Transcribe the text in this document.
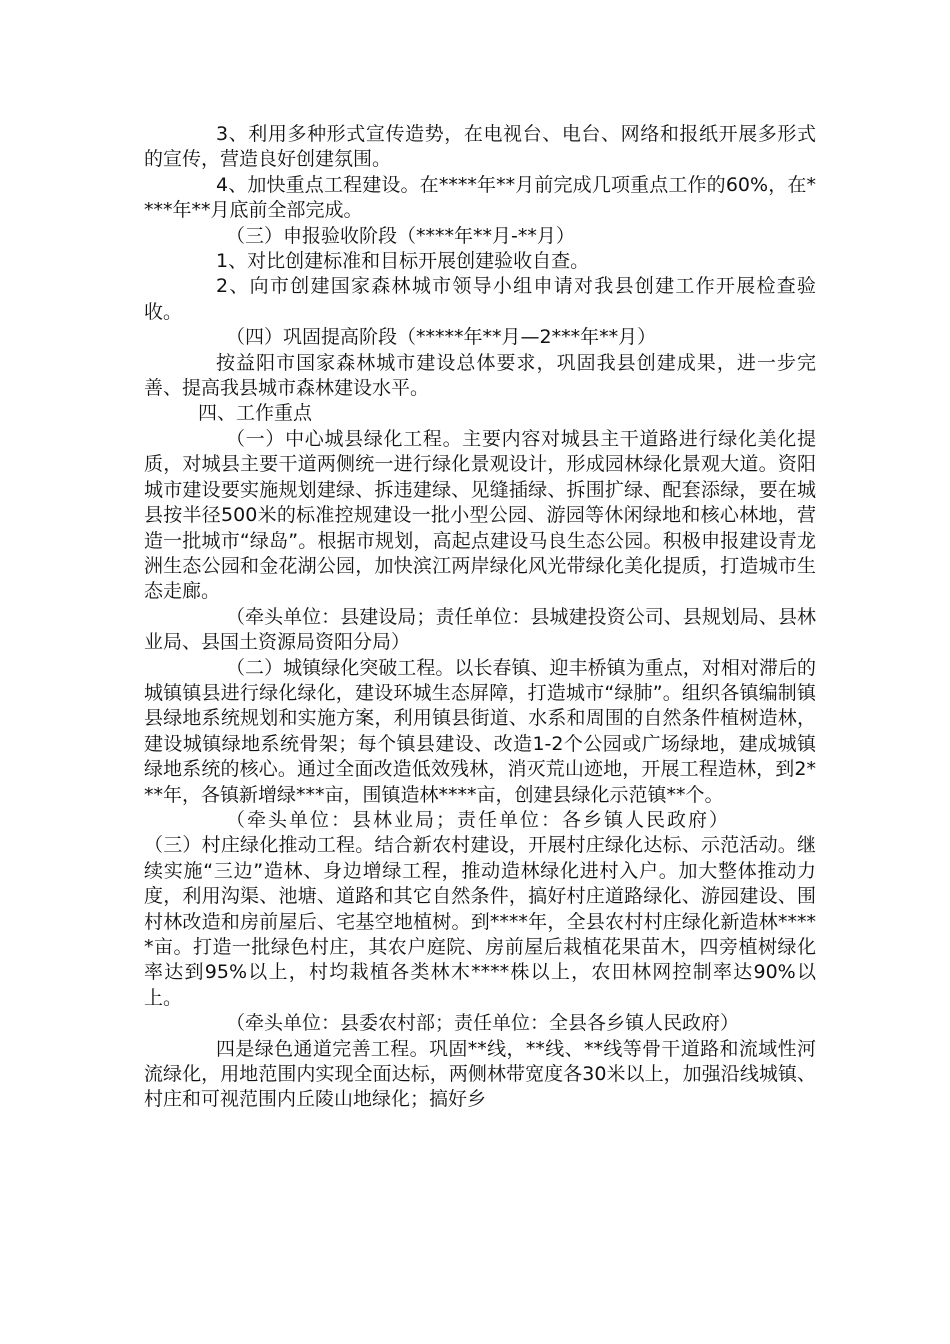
3、利用多种形式宣传造势，在电视台、电台、网络和报纸开展多形式的宣传，营造良好创建氛围。

4、加快重点工程建设。在****年**月前完成几项重点工作的60%，在****年**月底前全部完成。

（三）申报验收阶段（****年**月-**月）

1、对比创建标准和目标开展创建验收自查。

2、向市创建国家森林城市领导小组申请对我县创建工作开展检查验收。

（四）巩固提高阶段（*****年**月—2***年**月）

按益阳市国家森林城市建设总体要求，巩固我县创建成果，进一步完善、提高我县城市森林建设水平。

四、工作重点

（一）中心城县绿化工程。主要内容对城县主干道路进行绿化美化提质，对城县主要干道两侧统一进行绿化景观设计，形成园林绿化景观大道。资阳城市建设要实施规划建绿、拆违建绿、见缝插绿、拆围扩绿、配套添绿，要在城县按半径500米的标准控规建设一批小型公园、游园等休闲绿地和核心林地，营造一批城市“绿岛”。根据市规划，高起点建设马良生态公园。积极申报建设青龙洲生态公园和金花湖公园，加快滨江两岸绿化风光带绿化美化提质，打造城市生态走廊。

（牵头单位：县建设局；责任单位：县城建投资公司、县规划局、县林业局、县国土资源局资阳分局）

（二）城镇绿化突破工程。以长春镇、迎丰桥镇为重点，对相对滞后的城镇镇县进行绿化绿化，建设环城生态屏障，打造城市“绿肺”。组织各镇编制镇县绿地系统规划和实施方案，利用镇县街道、水系和周围的自然条件植树造林，建设城镇绿地系统骨架；每个镇县建设、改造1-2个公园或广场绿地，建成城镇绿地系统的核心。通过全面改造低效残林，消灭荒山迹地，开展工程造林，到2***年，各镇新增绿***亩，围镇造林****亩，创建县绿化示范镇**个。

（牵头单位：县林业局；责任单位：各乡镇人民政府）

（三）村庄绿化推动工程。结合新农村建设，开展村庄绿化达标、示范活动。继续实施“三边”造林、身边增绿工程，推动造林绿化进村入户。加大整体推动力度，利用沟渠、池塘、道路和其它自然条件，搞好村庄道路绿化、游园建设、围村林改造和房前屋后、宅基空地植树。到****年，全县农村村庄绿化新造林*****亩。打造一批绿色村庄，其农户庭院、房前屋后栽植花果苗木，四旁植树绿化率达到95%以上，村均栽植各类林木****株以上，农田林网控制率达90%以上。

（牵头单位：县委农村部；责任单位：全县各乡镇人民政府）

四是绿色通道完善工程。巩固**线，**线、**线等骨干道路和流域性河流绿化，用地范围内实现全面达标，两侧林带宽度各30米以上，加强沿线城镇、村庄和可视范围内丘陵山地绿化；搞好乡
